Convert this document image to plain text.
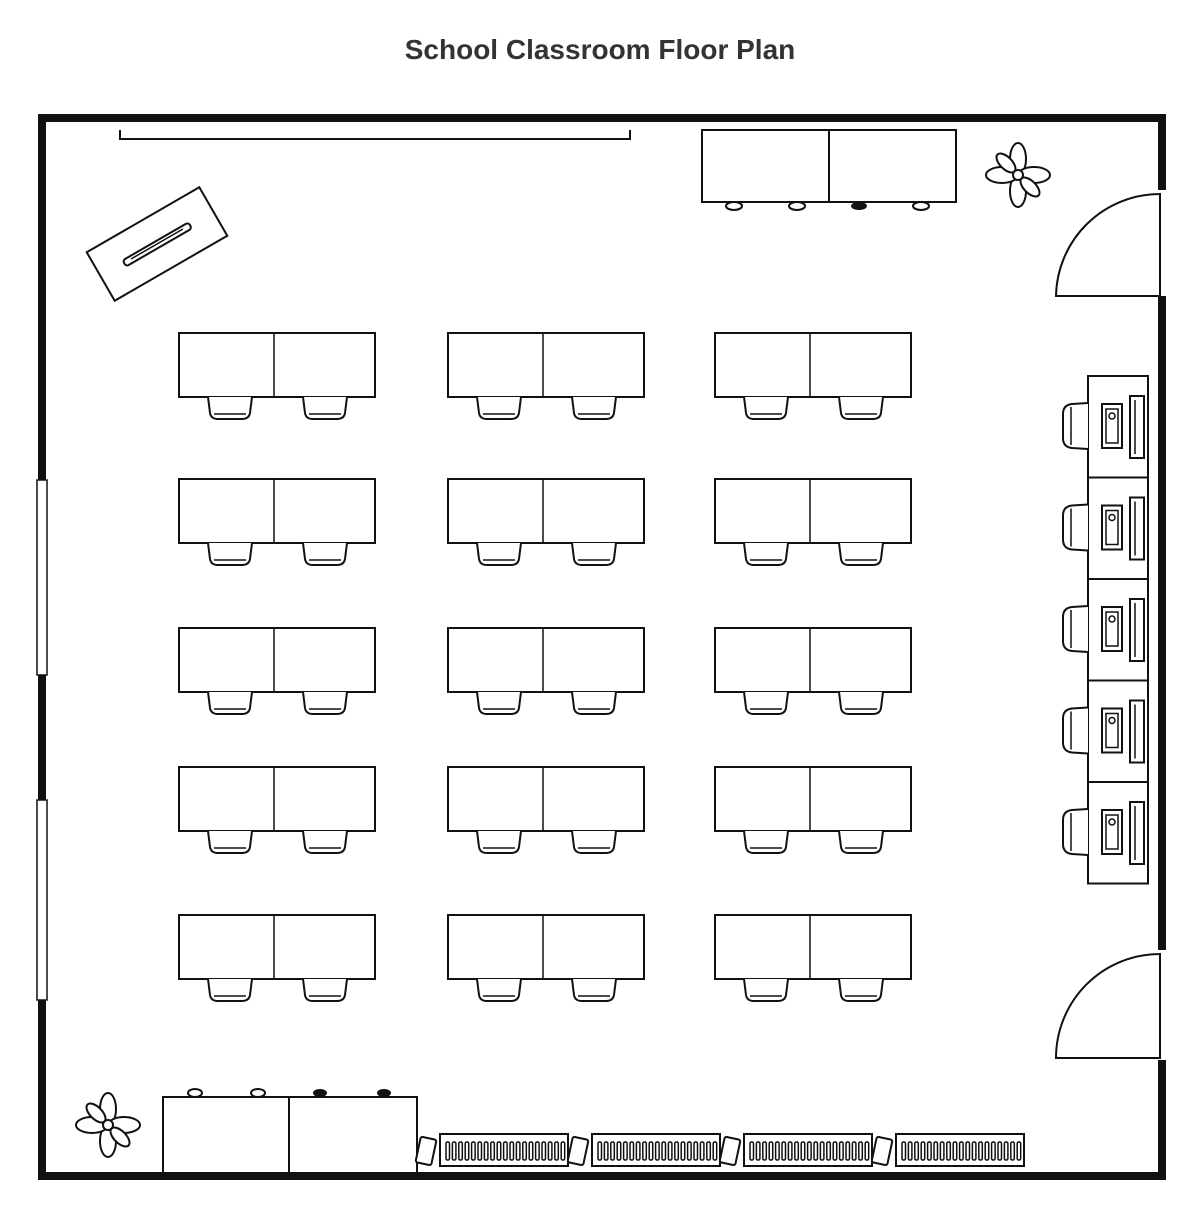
School Classroom Floor Plan
